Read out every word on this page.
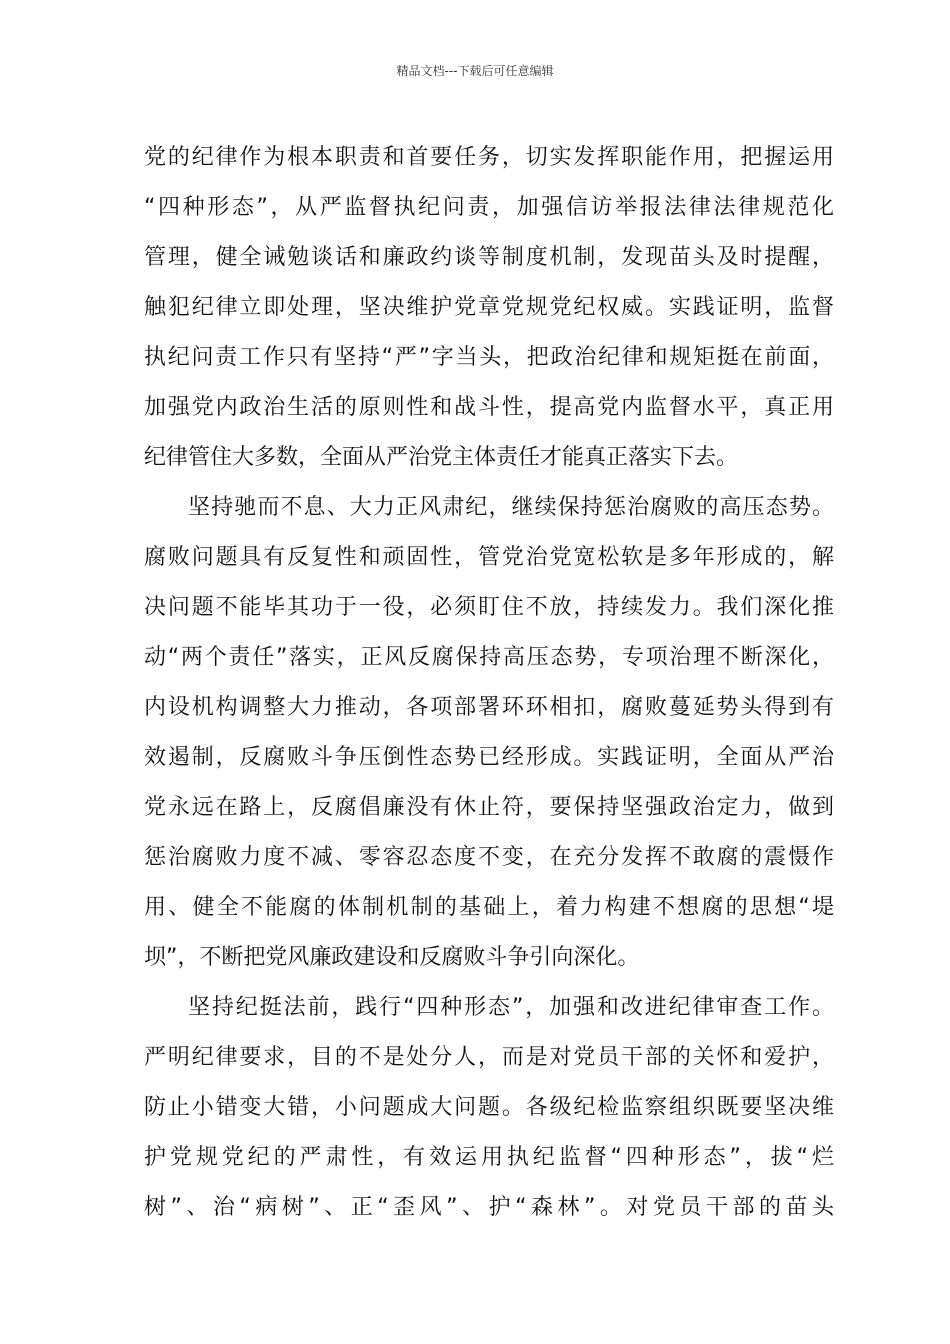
精品文档---下载后可任意编辑
党的纪律作为根本职责和首要任务，切实发挥职能作用，把握运用
“四种形态”，从严监督执纪问责，加强信访举报法律法律规范化
管理，健全诫勉谈话和廉政约谈等制度机制，发现苗头及时提醒，
触犯纪律立即处理，坚决维护党章党规党纪权威。实践证明，监督
执纪问责工作只有坚持“严”字当头，把政治纪律和规矩挺在前面，
加强党内政治生活的原则性和战斗性，提高党内监督水平，真正用
纪律管住大多数，全面从严治党主体责任才能真正落实下去。
坚持驰而不息、大力正风肃纪，继续保持惩治腐败的高压态势。
腐败问题具有反复性和顽固性，管党治党宽松软是多年形成的，解
决问题不能毕其功于一役，必须盯住不放，持续发力。我们深化推
动“两个责任”落实，正风反腐保持高压态势，专项治理不断深化，
内设机构调整大力推动，各项部署环环相扣，腐败蔓延势头得到有
效遏制，反腐败斗争压倒性态势已经形成。实践证明，全面从严治
党永远在路上，反腐倡廉没有休止符，要保持坚强政治定力，做到
惩治腐败力度不减、零容忍态度不变，在充分发挥不敢腐的震慑作
用、健全不能腐的体制机制的基础上，着力构建不想腐的思想“堤
坝”，不断把党风廉政建设和反腐败斗争引向深化。
坚持纪挺法前，践行“四种形态”，加强和改进纪律审查工作。
严明纪律要求，目的不是处分人，而是对党员干部的关怀和爱护，
防止小错变大错，小问题成大问题。各级纪检监察组织既要坚决维
护党规党纪的严肃性，有效运用执纪监督“四种形态”，拔“烂
树”、治“病树”、正“歪风”、护“森林”。对党员干部的苗头
